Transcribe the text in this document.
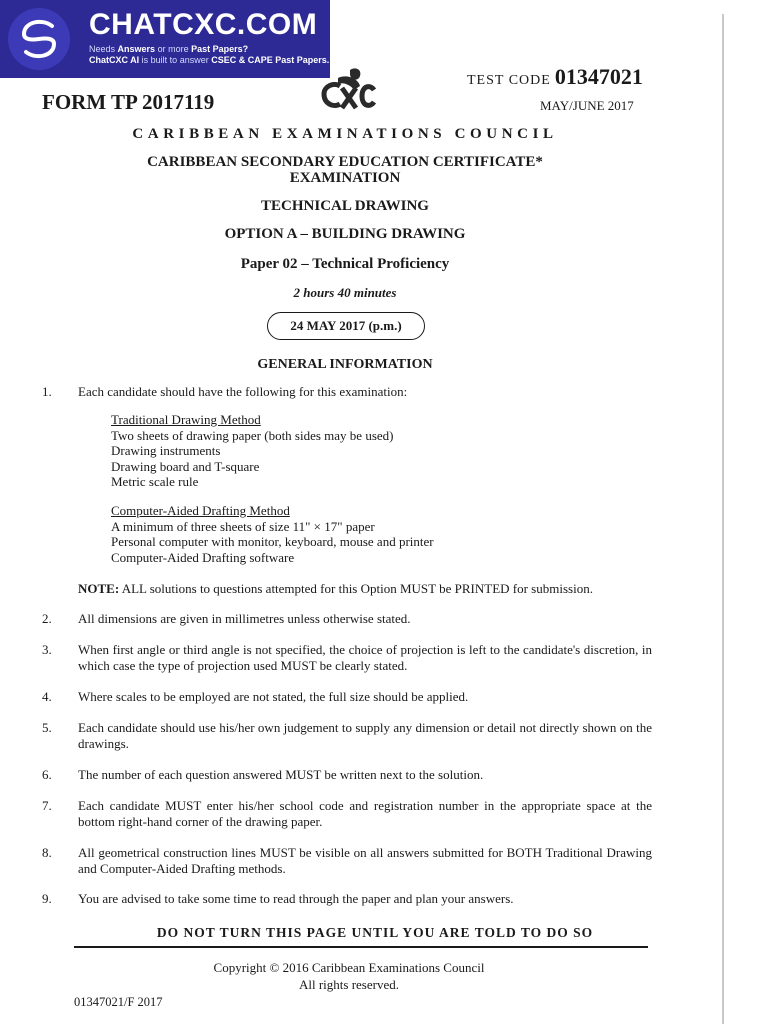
CHATCXC.COM
Needs Answers or more Past Papers?
ChatCXC AI is built to answer CSEC & CAPE Past Papers.
TEST CODE 01347021
FORM TP 2017119	MAY/JUNE 2017
CARIBBEAN EXAMINATIONS COUNCIL
CARIBBEAN SECONDARY EDUCATION CERTIFICATE*
EXAMINATION
TECHNICAL DRAWING
OPTION A – BUILDING DRAWING
Paper 02 – Technical Proficiency
2 hours 40 minutes
24 MAY 2017 (p.m.)
GENERAL INFORMATION
1. Each candidate should have the following for this examination:
Traditional Drawing Method
Two sheets of drawing paper (both sides may be used)
Drawing instruments
Drawing board and T-square
Metric scale rule
Computer-Aided Drafting Method
A minimum of three sheets of size 11" × 17" paper
Personal computer with monitor, keyboard, mouse and printer
Computer-Aided Drafting software
NOTE: ALL solutions to questions attempted for this Option MUST be PRINTED for submission.
2. All dimensions are given in millimetres unless otherwise stated.
3. When first angle or third angle is not specified, the choice of projection is left to the candidate's discretion, in which case the type of projection used MUST be clearly stated.
4. Where scales to be employed are not stated, the full size should be applied.
5. Each candidate should use his/her own judgement to supply any dimension or detail not directly shown on the drawings.
6. The number of each question answered MUST be written next to the solution.
7. Each candidate MUST enter his/her school code and registration number in the appropriate space at the bottom right-hand corner of the drawing paper.
8. All geometrical construction lines MUST be visible on all answers submitted for BOTH Traditional Drawing and Computer-Aided Drafting methods.
9. You are advised to take some time to read through the paper and plan your answers.
DO NOT TURN THIS PAGE UNTIL YOU ARE TOLD TO DO SO
Copyright © 2016 Caribbean Examinations Council
All rights reserved.
01347021/F 2017
